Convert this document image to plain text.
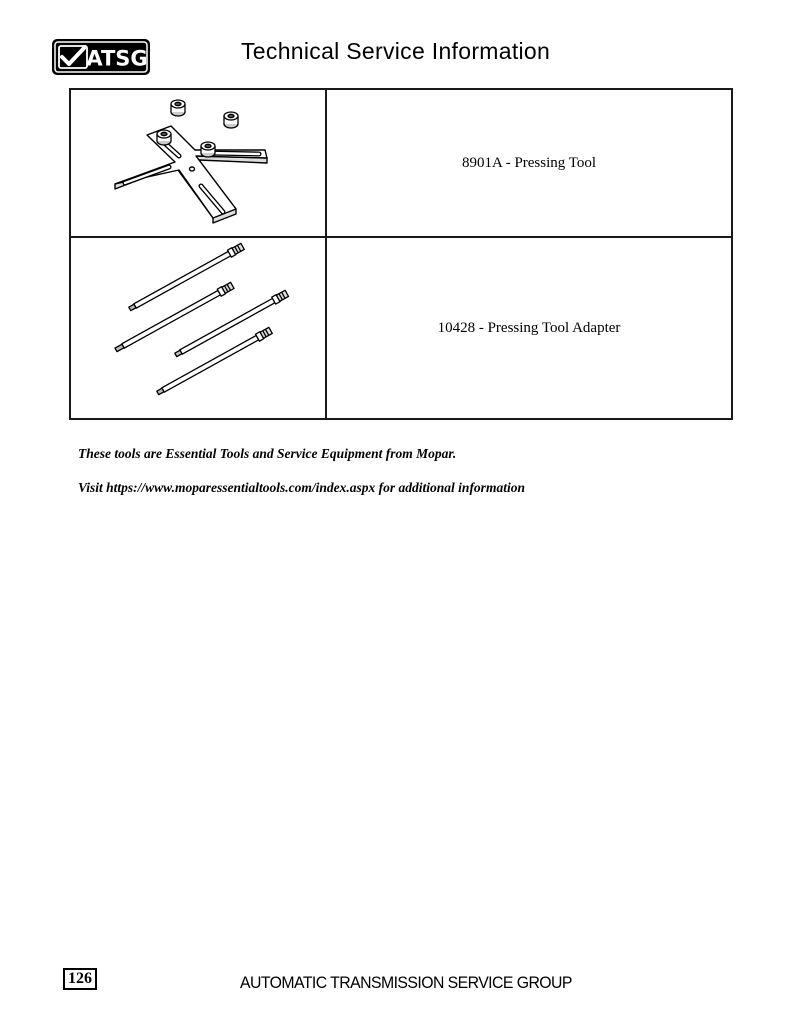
ATSG	Technical Service Information
8901A - Pressing Tool
10428 - Pressing Tool Adapter
These tools are Essential Tools and Service Equipment from Mopar.
Visit https://www.moparessentialtools.com/index.aspx for additional information
126	AUTOMATIC TRANSMISSION SERVICE GROUP
